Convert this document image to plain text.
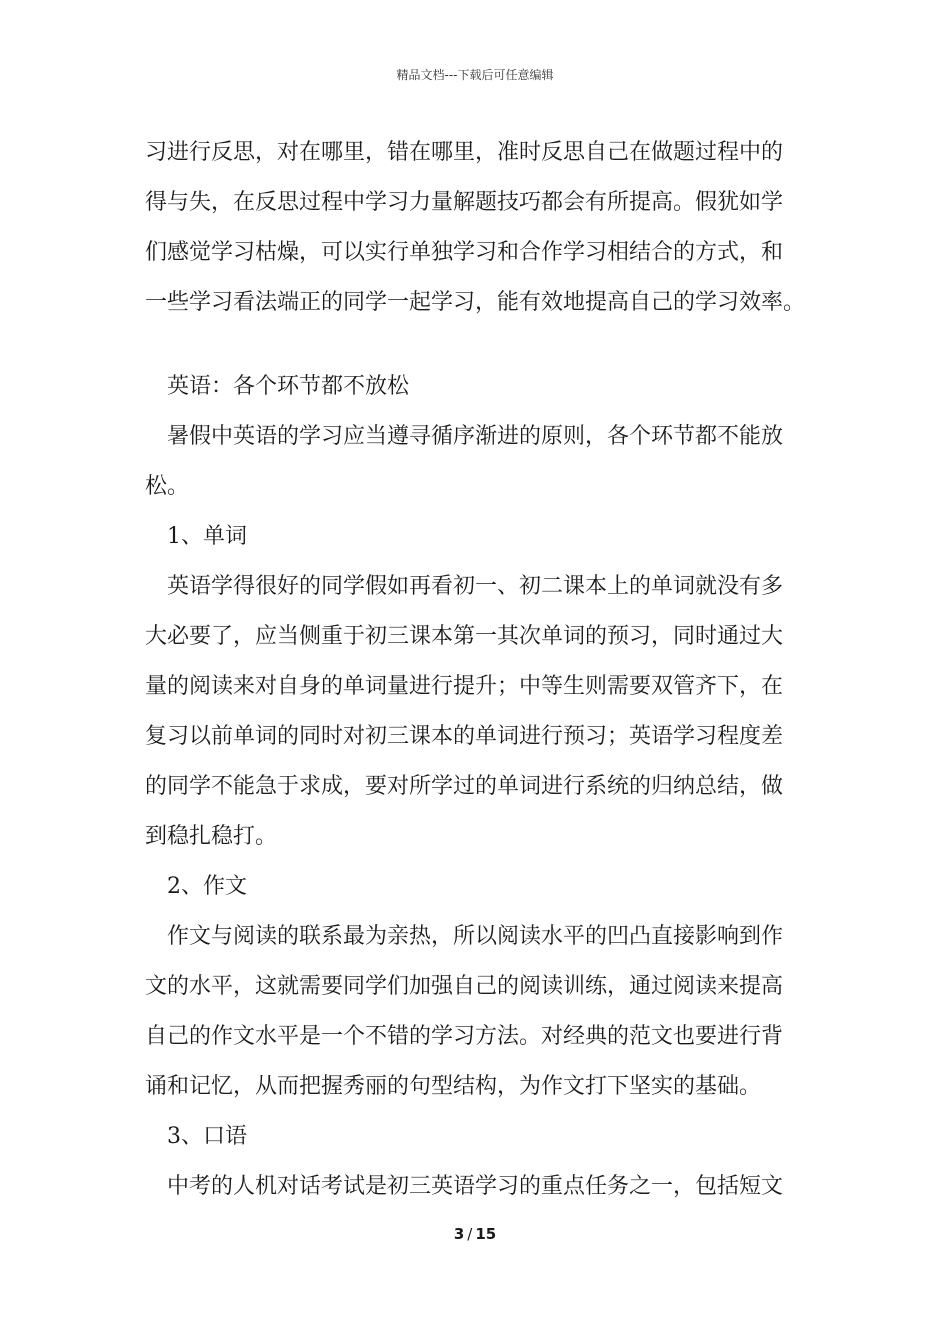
精品文档---下载后可任意编辑

习进行反思，对在哪里，错在哪里，准时反思自己在做题过程中的

得与失，在反思过程中学习力量解题技巧都会有所提高。假犹如学

们感觉学习枯燥，可以实行单独学习和合作学习相结合的方式，和

一些学习看法端正的同学一起学习，能有效地提高自己的学习效率。

英语：各个环节都不放松

暑假中英语的学习应当遵寻循序渐进的原则，各个环节都不能放

松。

1、单词

英语学得很好的同学假如再看初一、初二课本上的单词就没有多

大必要了，应当侧重于初三课本第一其次单词的预习，同时通过大

量的阅读来对自身的单词量进行提升；中等生则需要双管齐下，在

复习以前单词的同时对初三课本的单词进行预习；英语学习程度差

的同学不能急于求成，要对所学过的单词进行系统的归纳总结，做

到稳扎稳打。

2、作文

作文与阅读的联系最为亲热，所以阅读水平的凹凸直接影响到作

文的水平，这就需要同学们加强自己的阅读训练，通过阅读来提高

自己的作文水平是一个不错的学习方法。对经典的范文也要进行背

诵和记忆，从而把握秀丽的句型结构，为作文打下坚实的基础。

3、口语

中考的人机对话考试是初三英语学习的重点任务之一，包括短文

3 / 15
